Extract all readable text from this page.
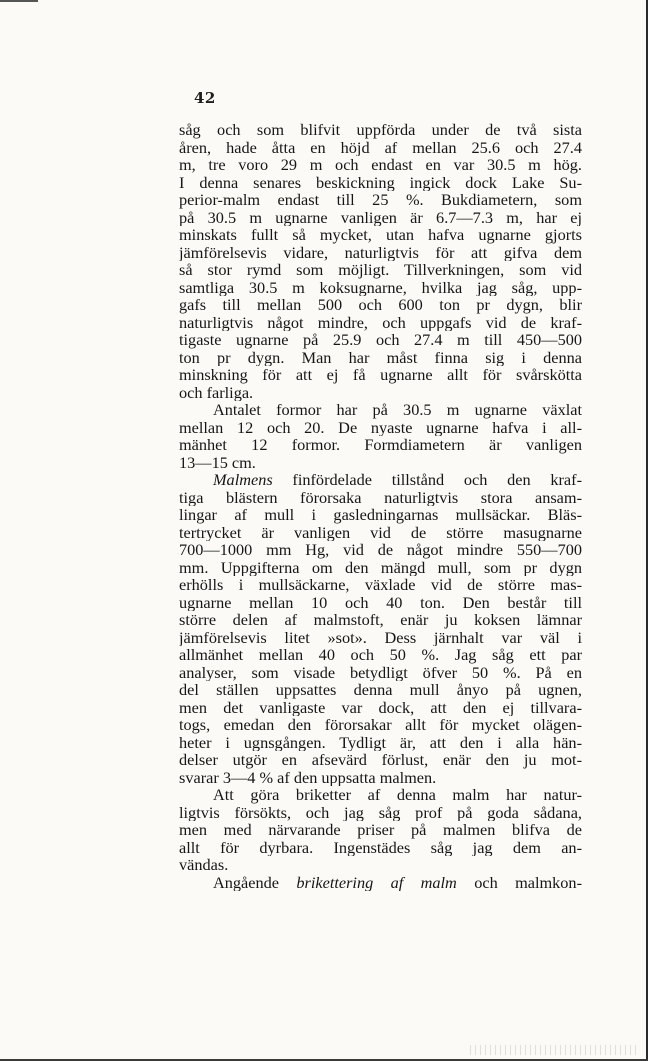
42
såg och som blifvit uppförda under de två sista
åren, hade åtta en höjd af mellan 25.6 och 27.4
m, tre voro 29 m och endast en var 30.5 m hög.
I denna senares beskickning ingick dock Lake Su-
perior-malm endast till 25 %. Bukdiametern, som
på 30.5 m ugnarne vanligen är 6.7—7.3 m, har ej
minskats fullt så mycket, utan hafva ugnarne gjorts
jämförelsevis vidare, naturligtvis för att gifva dem
så stor rymd som möjligt. Tillverkningen, som vid
samtliga 30.5 m koksugnarne, hvilka jag såg, upp-
gafs till mellan 500 och 600 ton pr dygn, blir
naturligtvis något mindre, och uppgafs vid de kraf-
tigaste ugnarne på 25.9 och 27.4 m till 450—500
ton pr dygn. Man har måst finna sig i denna
minskning för att ej få ugnarne allt för svårskötta
och farliga.
Antalet formor har på 30.5 m ugnarne växlat
mellan 12 och 20. De nyaste ugnarne hafva i all-
mänhet 12 formor. Formdiametern är vanligen
13—15 cm.
Malmens finfördelade tillstånd och den kraf-
tiga blästern förorsaka naturligtvis stora ansam-
lingar af mull i gasledningarnas mullsäckar. Bläs-
tertrycket är vanligen vid de större masugnarne
700—1000 mm Hg, vid de något mindre 550—700
mm. Uppgifterna om den mängd mull, som pr dygn
erhölls i mullsäckarne, växlade vid de större mas-
ugnarne mellan 10 och 40 ton. Den består till
större delen af malmstoft, enär ju koksen lämnar
jämförelsevis litet »sot». Dess järnhalt var väl i
allmänhet mellan 40 och 50 %. Jag såg ett par
analyser, som visade betydligt öfver 50 %. På en
del ställen uppsattes denna mull ånyo på ugnen,
men det vanligaste var dock, att den ej tillvara-
togs, emedan den förorsakar allt för mycket olägen-
heter i ugnsgången. Tydligt är, att den i alla hän-
delser utgör en afsevärd förlust, enär den ju mot-
svarar 3—4 % af den uppsatta malmen.
Att göra briketter af denna malm har natur-
ligtvis försökts, och jag såg prof på goda sådana,
men med närvarande priser på malmen blifva de
allt för dyrbara. Ingenstädes såg jag dem an-
vändas.
Angående brikettering af malm och malmkon-
